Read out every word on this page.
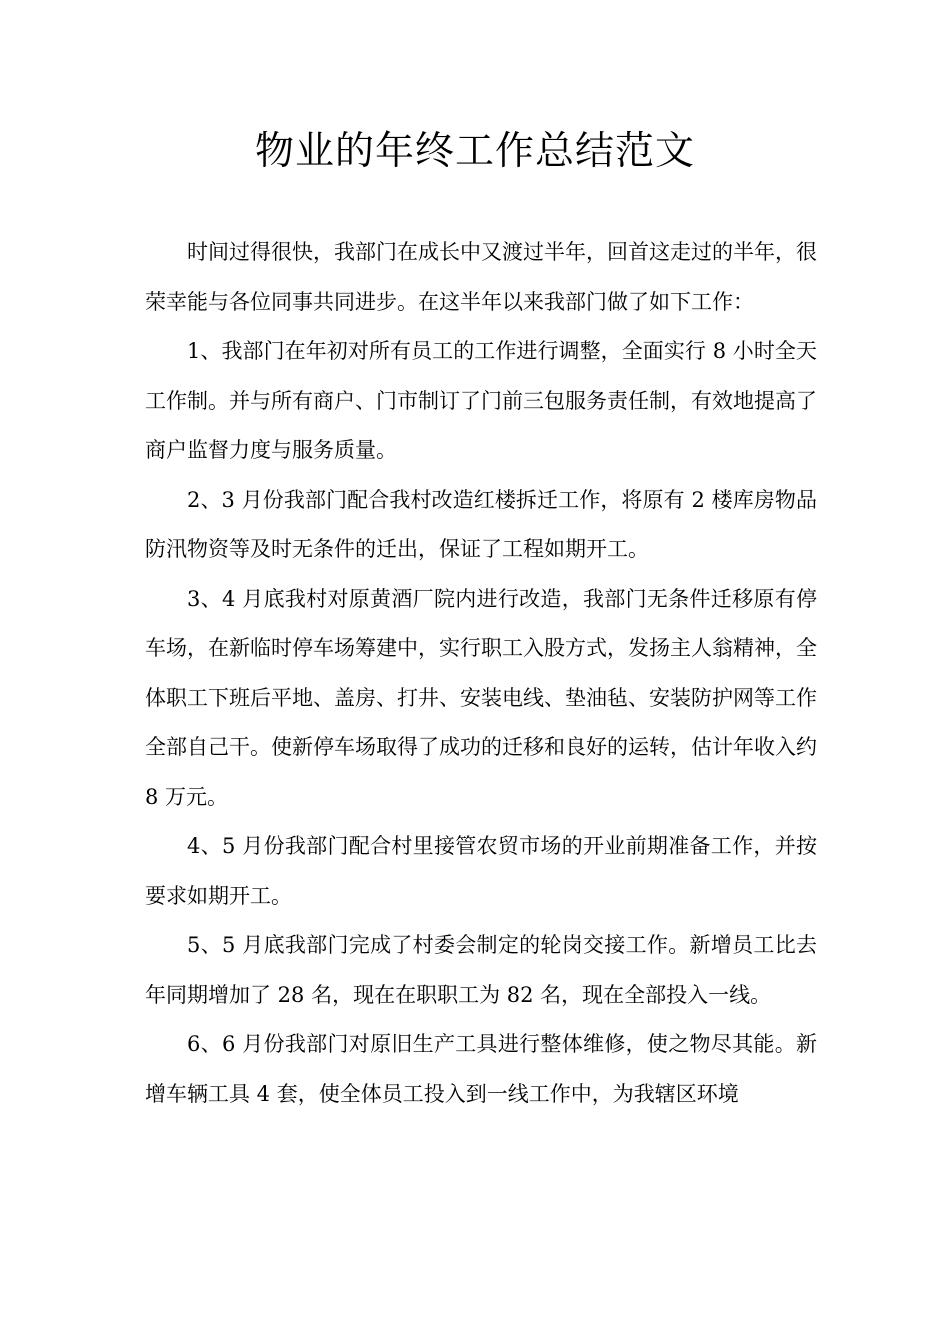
物业的年终工作总结范文

时间过得很快，我部门在成长中又渡过半年，回首这走过的半年，很荣幸能与各位同事共同进步。在这半年以来我部门做了如下工作：

1、我部门在年初对所有员工的工作进行调整，全面实行 8 小时全天工作制。并与所有商户、门市制订了门前三包服务责任制，有效地提高了商户监督力度与服务质量。

2、3 月份我部门配合我村改造红楼拆迁工作，将原有 2 楼库房物品防汛物资等及时无条件的迁出，保证了工程如期开工。

3、4 月底我村对原黄酒厂院内进行改造，我部门无条件迁移原有停车场，在新临时停车场筹建中，实行职工入股方式，发扬主人翁精神，全体职工下班后平地、盖房、打井、安装电线、垫油毡、安装防护网等工作全部自己干。使新停车场取得了成功的迁移和良好的运转，估计年收入约 8 万元。

4、5 月份我部门配合村里接管农贸市场的开业前期准备工作，并按要求如期开工。

5、5 月底我部门完成了村委会制定的轮岗交接工作。新增员工比去年同期增加了 28 名，现在在职职工为 82 名，现在全部投入一线。

6、6 月份我部门对原旧生产工具进行整体维修，使之物尽其能。新增车辆工具 4 套，使全体员工投入到一线工作中，为我辖区环境
